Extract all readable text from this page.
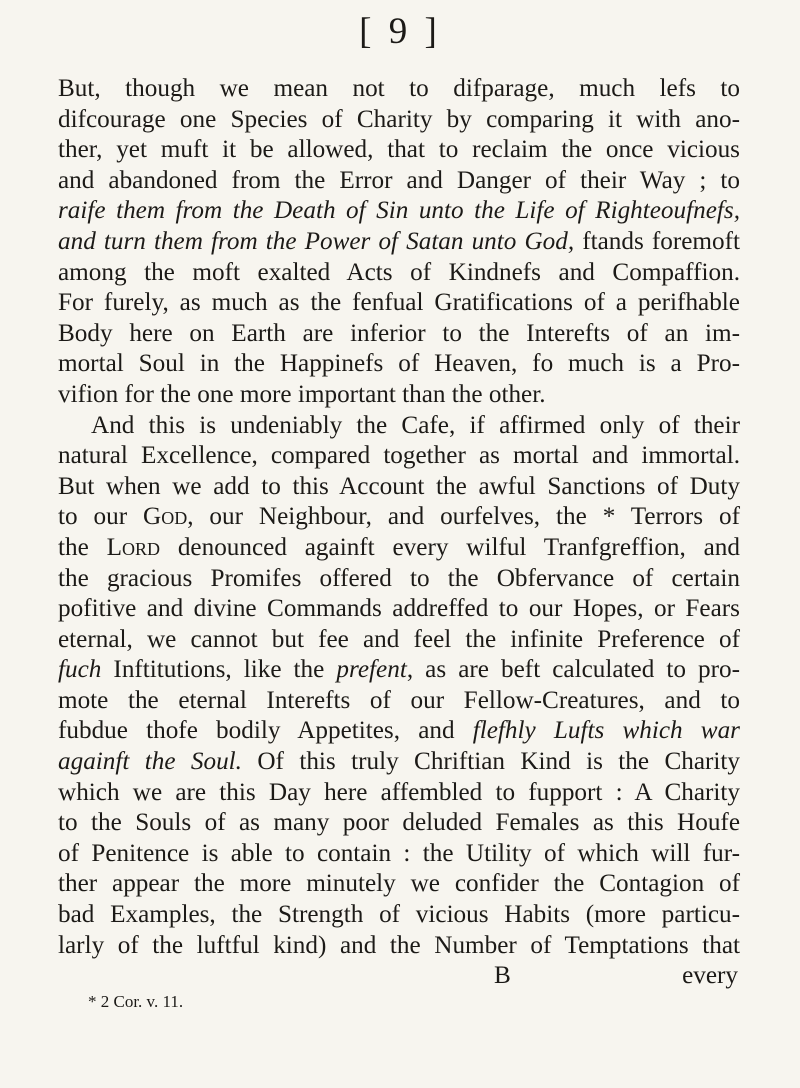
[ 9 ]
But, though we mean not to difparage, much lefs to
difcourage one Species of Charity by comparing it with ano-
ther, yet muft it be allowed, that to reclaim the once vicious
and abandoned from the Error and Danger of their Way ; to
raife them from the Death of Sin unto the Life of Righteoufnefs,
and turn them from the Power of Satan unto God, ftands foremoft
among the moft exalted Acts of Kindnefs and Compaffion.
For furely, as much as the fenfual Gratifications of a perifhable
Body here on Earth are inferior to the Interefts of an im-
mortal Soul in the Happinefs of Heaven, fo much is a Pro-
vifion for the one more important than the other.
And this is undeniably the Cafe, if affirmed only of their
natural Excellence, compared together as mortal and immortal.
But when we add to this Account the awful Sanctions of Duty
to our God, our Neighbour, and ourfelves, the * Terrors of
the Lord denounced againft every wilful Tranfgreffion, and
the gracious Promifes offered to the Obfervance of certain
pofitive and divine Commands addreffed to our Hopes, or Fears
eternal, we cannot but fee and feel the infinite Preference of
fuch Inftitutions, like the prefent, as are beft calculated to pro-
mote the eternal Interefts of our Fellow-Creatures, and to
fubdue thofe bodily Appetites, and flefhly Lufts which war
againft the Soul. Of this truly Chriftian Kind is the Charity
which we are this Day here affembled to fupport : A Charity
to the Souls of as many poor deluded Females as this Houfe
of Penitence is able to contain : the Utility of which will fur-
ther appear the more minutely we confider the Contagion of
bad Examples, the Strength of vicious Habits (more particu-
larly of the luftful kind) and the Number of Temptations that
B	every
* 2 Cor. v. 11.
